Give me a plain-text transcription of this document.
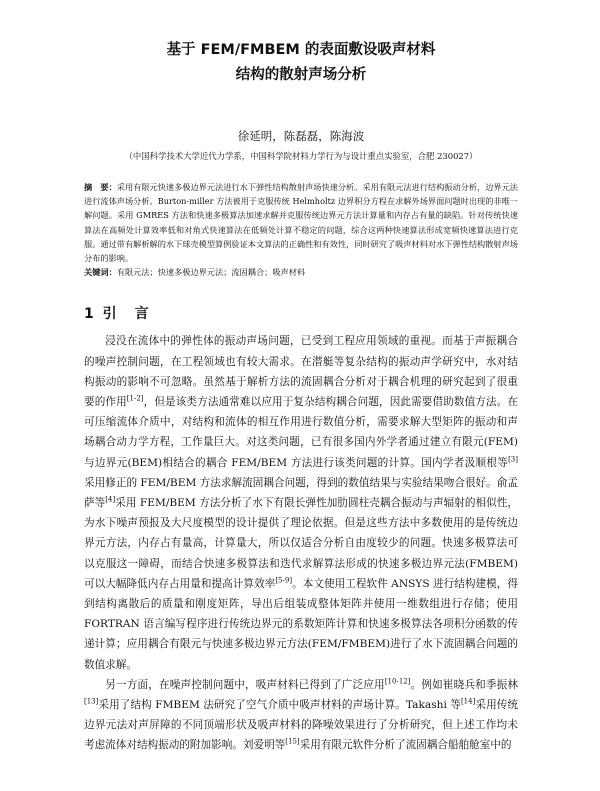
基于 FEM/FMBEM 的表面敷设吸声材料
结构的散射声场分析
徐延明，陈磊磊，陈海波
（中国科学技术大学近代力学系，中国科学院材料力学行为与设计重点实验室，合肥 230027）
摘　要：采用有限元快速多极边界元法进行水下弹性结构散射声场快速分析。采用有限元法进行结构振动分析，边界元法进行流体声场分析。Burton-miller 方法被用于克服传统 Helmholtz 边界积分方程在求解外场界面问题时出现的非唯一解问题。采用 GMRES 方法和快速多极算法加速求解并克服传统边界元方法计算量和内存占有量的缺陷。针对传统快速算法在高频处计算效率低和对角式快速算法在低频处计算不稳定的问题，综合这两种快速算法形成宽频快速算法进行克服。通过带有解析解的水下球壳模型算例验证本文算法的正确性和有效性，同时研究了吸声材料对水下弹性结构散射声场分布的影响。
关键词：有限元法；快速多极边界元法；流固耦合；吸声材料
1 引　言

浸没在流体中的弹性体的振动声场问题，已受到工程应用领域的重视。而基于声振耦合的噪声控制问题，在工程领域也有较大需求。在潜艇等复杂结构的振动声学研究中，水对结构振动的影响不可忽略。虽然基于解析方法的流固耦合分析对于耦合机理的研究起到了很重要的作用[1-2]，但是该类方法通常难以应用于复杂结构耦合问题，因此需要借助数值方法。在可压缩流体介质中，对结构和流体的相互作用进行数值分析，需要求解大型矩阵的振动和声场耦合动力学方程，工作量巨大。对这类问题，已有很多国内外学者通过建立有限元(FEM)与边界元(BEM)相结合的耦合 FEM/BEM 方法进行该类问题的计算。国内学者汲顺根等[3]采用修正的 FEM/BEM 方法求解流固耦合问题，得到的数值结果与实验结果吻合很好。俞孟萨等[4]采用 FEM/BEM 方法分析了水下有限长弹性加肋圆柱壳耦合振动与声辐射的相似性，为水下噪声预报及大尺度模型的设计提供了理论依据。但是这些方法中多数使用的是传统边界元方法，内存占有量高，计算量大，所以仅适合分析自由度较少的问题。快速多极算法可以克服这一障碍，而结合快速多极算法和迭代求解算法形成的快速多极边界元法(FMBEM)可以大幅降低内存占用量和提高计算效率[5-9]。本文使用工程软件 ANSYS 进行结构建模，得到结构离散后的质量和刚度矩阵，导出后组装成整体矩阵并使用一维数组进行存储；使用 FORTRAN 语言编写程序进行传统边界元的系数矩阵计算和快速多极算法各项积分函数的传递计算；应用耦合有限元与快速多极边界元方法(FEM/FMBEM)进行了水下流固耦合问题的数值求解。

另一方面，在噪声控制问题中，吸声材料已得到了广泛应用[10-12]。例如崔晓兵和季振林[13]采用了结构 FMBEM 法研究了空气介质中吸声材料的声场计算。Takashi 等[14]采用传统边界元法对声屏障的不同顶端形状及吸声材料的降噪效果进行了分析研究，但上述工作均未考虑流体对结构振动的附加影响。刘爱明等[15]采用有限元软件分析了流固耦合船舶舱室中的
